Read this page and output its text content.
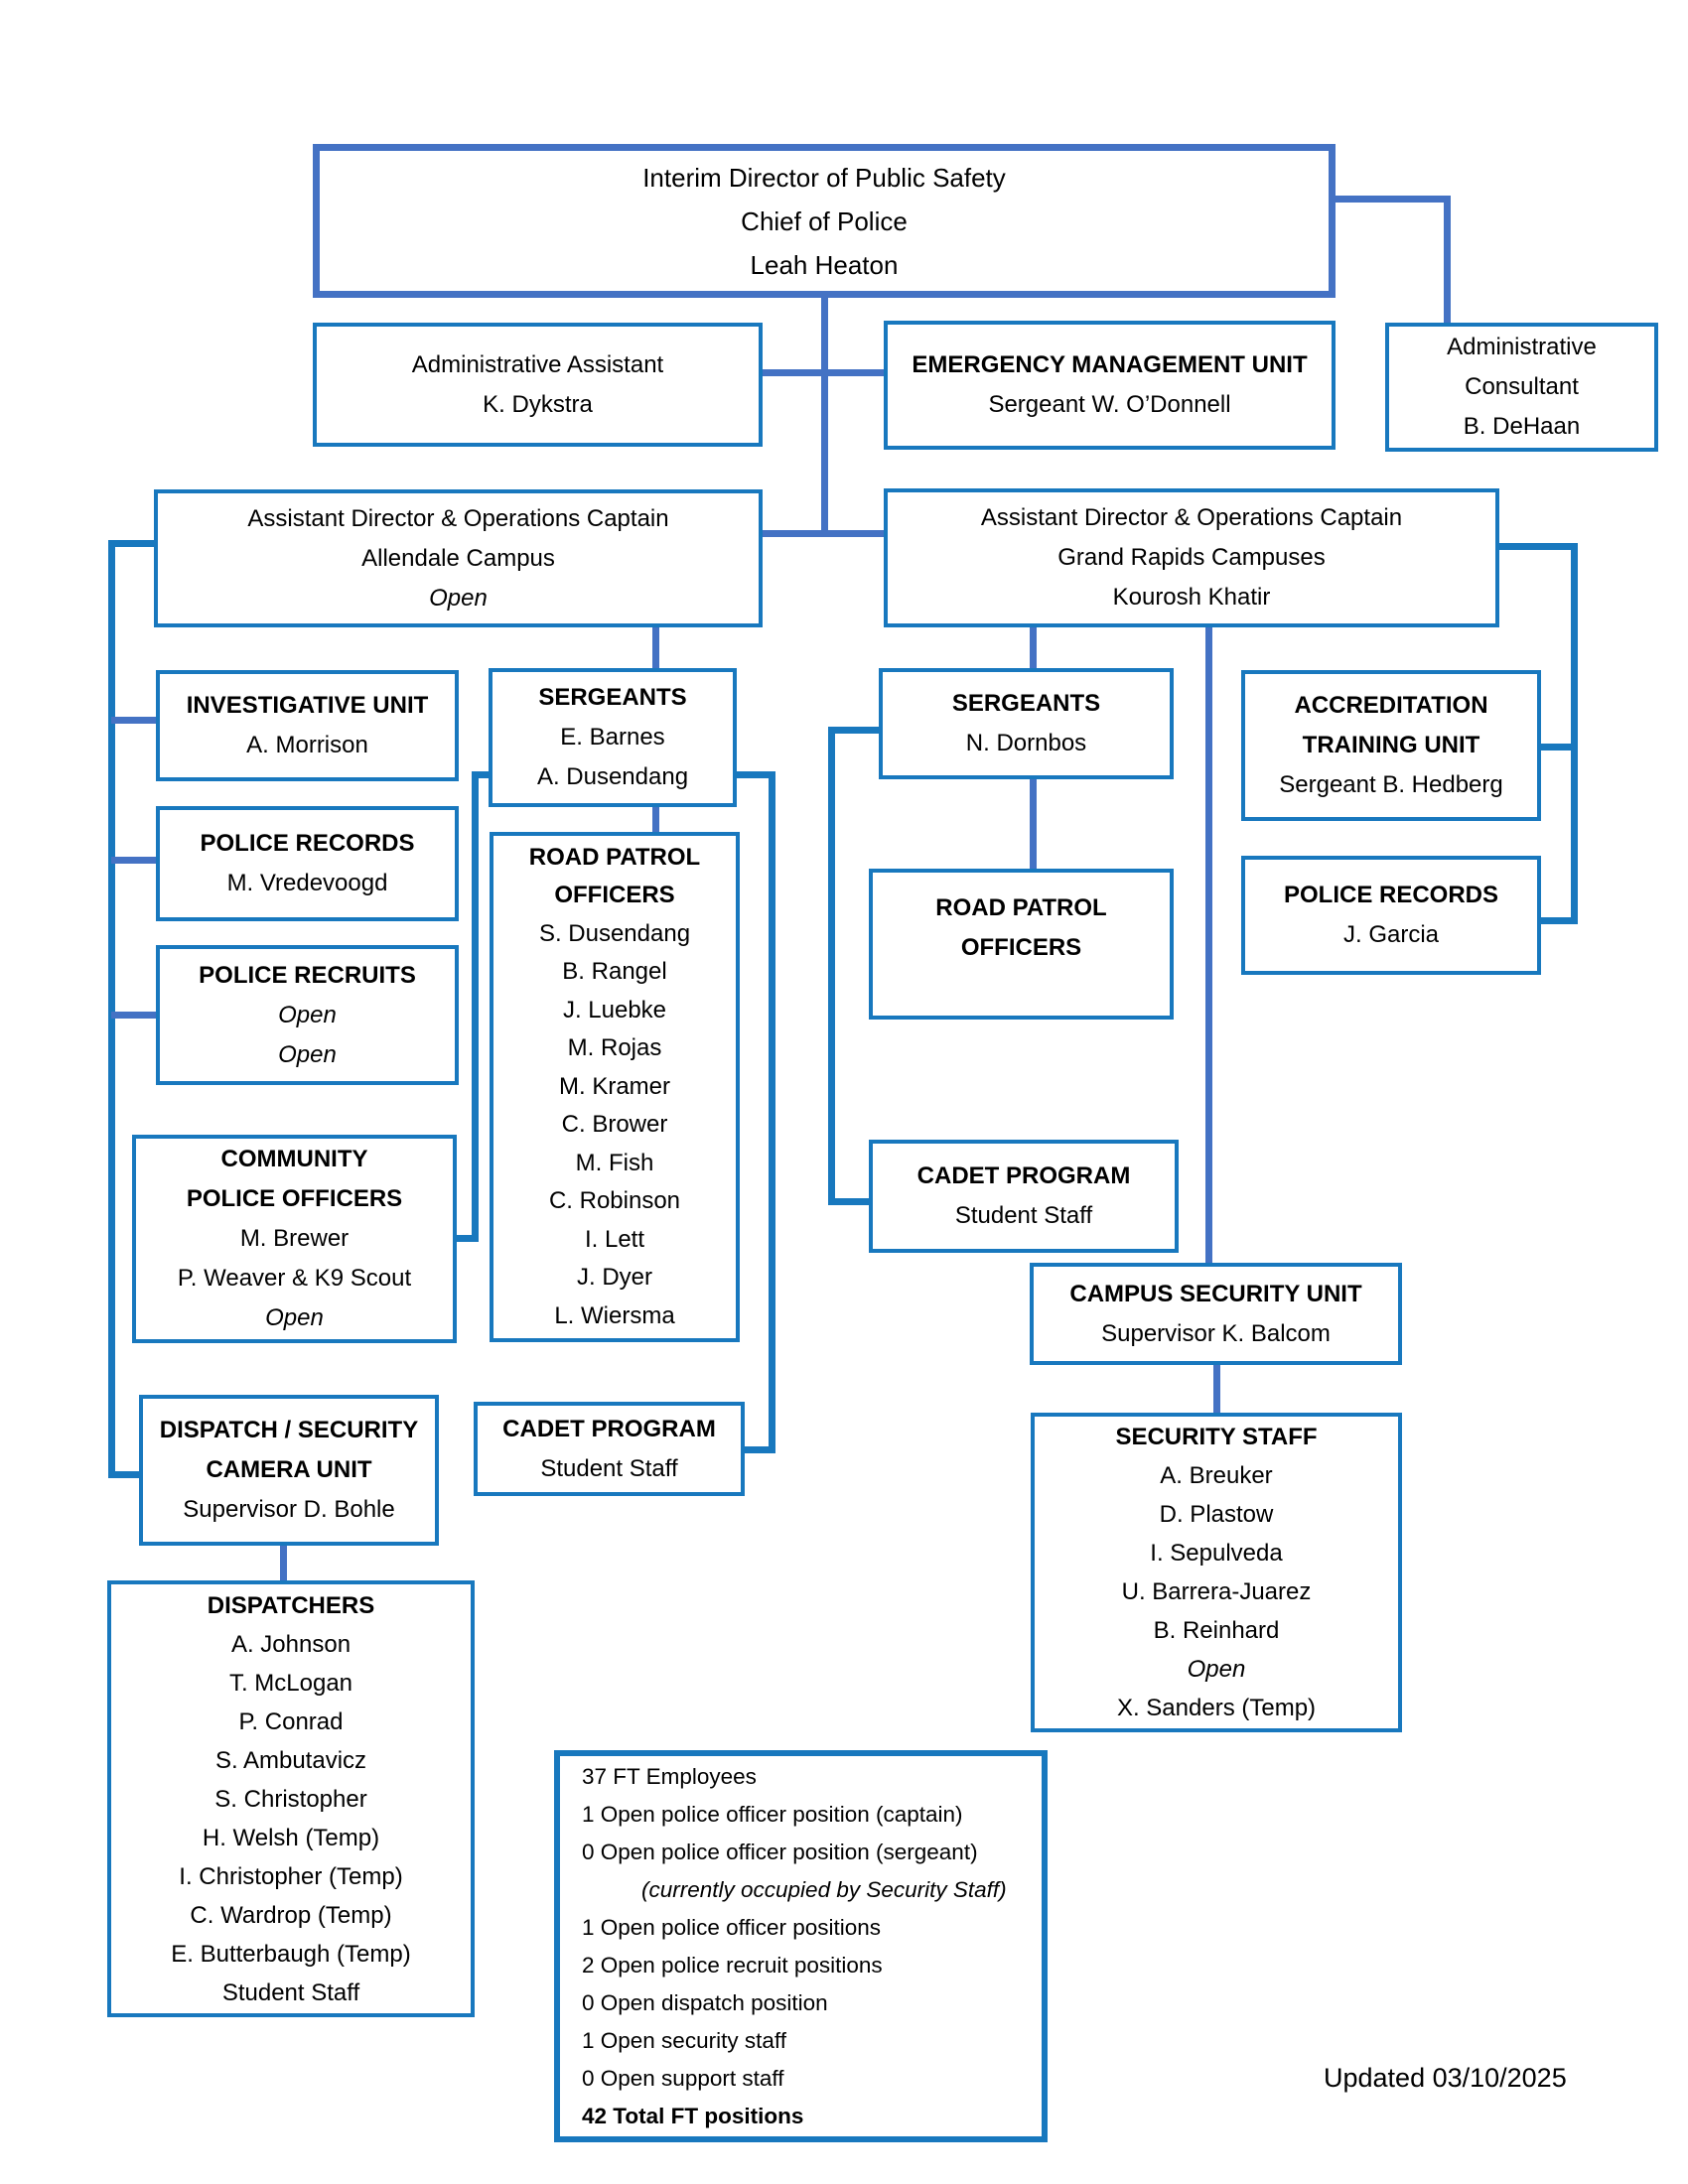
Interim Director of Public Safety
Chief of Police
Leah Heaton
Administrative Assistant
K. Dykstra
EMERGENCY MANAGEMENT UNIT
Sergeant W. O’Donnell
Administrative
Consultant
B. DeHaan
Assistant Director & Operations Captain
Allendale Campus
Open
Assistant Director & Operations Captain
Grand Rapids Campuses
Kourosh Khatir
INVESTIGATIVE UNIT
A. Morrison
POLICE RECORDS
M. Vredevoogd
POLICE RECRUITS
Open
Open
COMMUNITY
POLICE OFFICERS
M. Brewer
P. Weaver & K9 Scout
Open
DISPATCH / SECURITY
CAMERA UNIT
Supervisor D. Bohle
DISPATCHERS
A. Johnson
T. McLogan
P. Conrad
S. Ambutavicz
S. Christopher
H. Welsh (Temp)
I. Christopher (Temp)
C. Wardrop (Temp)
E. Butterbaugh (Temp)
Student Staff
SERGEANTS
E. Barnes
A. Dusendang
ROAD PATROL
OFFICERS
S. Dusendang
B. Rangel
J. Luebke
M. Rojas
M. Kramer
C. Brower
M. Fish
C. Robinson
I. Lett
J. Dyer
L. Wiersma
CADET PROGRAM
Student Staff
SERGEANTS
N. Dornbos
ROAD PATROL
OFFICERS
CADET PROGRAM
Student Staff
ACCREDITATION
TRAINING UNIT
Sergeant B. Hedberg
POLICE RECORDS
J. Garcia
CAMPUS SECURITY UNIT
Supervisor K. Balcom
SECURITY STAFF
A. Breuker
D. Plastow
I. Sepulveda
U. Barrera-Juarez
B. Reinhard
Open
X. Sanders (Temp)
37 FT Employees
1 Open police officer position (captain)
0 Open police officer position (sergeant)
(currently occupied by Security Staff)
1 Open police officer positions
2 Open police recruit positions
0 Open dispatch position
1 Open security staff
0 Open support staff
42 Total FT positions
Updated 03/10/2025
